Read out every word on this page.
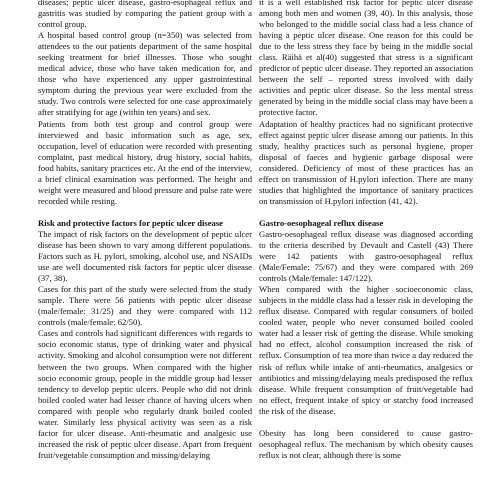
diseases; peptic ulcer disease, gastro-esophageal reflux and gastritis was studied by comparing the patient group with a control group.

A hospital based control group (n=350) was selected from attendees to the out patients department of the same hospital seeking treatment for brief illnesses. Those who sought medical advice, those who have taken medication for, and those who have experienced any upper gastrointestinal symptom during the previous year were excluded from the study. Two controls were selected for one case approximately after stratifying for age (within ten years) and sex.

Patients from both test group and control group were interviewed and basic information such as age, sex, occupation, level of education were recorded with presenting complaint, past medical history, drug history, social habits, food habits, sanitary practices etc. At the end of the interview, a brief clinical examination was performed. The height and weight were measured and blood pressure and pulse rate were recorded while resting.

Risk and protective factors for peptic ulcer disease

The impact of risk factors on the development of peptic ulcer disease has been shown to vary among different populations. Factors such as H. pylori, smoking, alcohol use, and NSAIDs use are well documented risk factors for peptic ulcer disease (37, 38).

Cases for this part of the study were selected from the study sample. There were 56 patients with peptic ulcer disease (male/female: 31/25) and they were compared with 112 controls (male/female: 62/50).

Cases and controls had significant differences with regards to socio economic status, type of drinking water and physical activity. Smoking and alcohol consumption were not different between the two groups. When compared with the higher socio economic group, people in the middle group had lesser tendency to develop peptic ulcers. People who did not drink boiled cooled water had lesser chance of having ulcers when compared with people who regularly drank boiled cooled water. Similarly less physical activity was seen as a risk factor for ulcer disease. Anti-rheumatic and analgesic use increased the risk of peptic ulcer disease. Apart from frequent fruit/vegetable consumption and missing/delaying

it is a well established risk factor for peptic ulcer disease among both men and women (39, 40). In this analysis, those who belonged to the middle social class had a less chance of having a peptic ulcer disease. One reason for this could be due to the less stress they face by being in the middle social class. Räihä et al(40) suggested that stress is a significant predictor of peptic ulcer disease. They reported an association between the self – reported stress involved with daily activities and peptic ulcer disease. So the less mental stress generated by being in the middle social class may have been a protective factor.

Adaptation of healthy practices had no significant protective effect against peptic ulcer disease among our patients. In this study, healthy practices such as personal hygiene, proper disposal of faeces and hygienic garbage disposal were considered. Deficiency of most of these practices has an effect on transmission of H.pylori infection. There are many studies that highlighted the importance of sanitary practices on transmission of H.pylori infection (41, 42).

Gastro-oesophageal reflux disease

Gastro-oesophageal reflux disease was diagnosed according to the criteria described by Devault and Castell (43) There were 142 patients with gastro-oesophageal reflux (Male/Female: 75/67) and they were compared with 269 controls (Male/female: 147/122).

When compared with the higher socioeconomic class, subjects in the middle class had a lesser risk in developing the reflux disease. Compared with regular consumers of boiled cooled water, people who never consumed boiled cooled water had a lesser risk of getting the disease. While smoking had no effect, alcohol consumption increased the risk of reflux. Consumption of tea more than twice a day reduced the risk of reflux while intake of anti-rheumatics, analgesics or antibiotics and missing/delaying meals predisposed the reflux disease. While frequent consumption of fruit/vegetable had no effect, frequent intake of spicy or starchy food increased the risk of the disease.

Obesity has long been considered to cause gastro-oesophageal reflux. The mechanism by which obesity causes reflux is not clear, although there is some
